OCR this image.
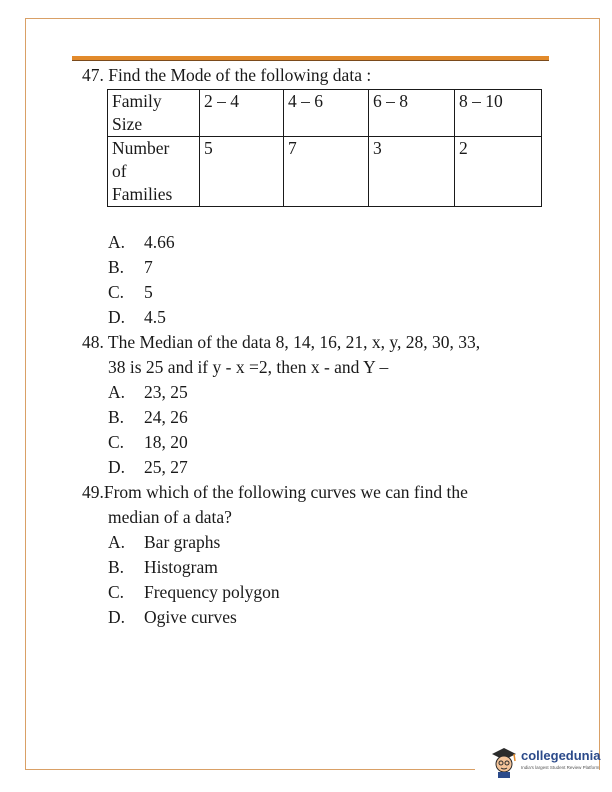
47. Find the Mode of the following data :
Family
Size	2 – 4	4 – 6	6 – 8	8 – 10
Number
of
Families	5	7	3	2
A. 4.66
B. 7
C. 5
D. 4.5
48. The Median of the data 8, 14, 16, 21, x, y, 28, 30, 33,
38 is 25 and if y - x =2, then x - and Y –
A. 23, 25
B. 24, 26
C. 18, 20
D. 25, 27
49.From which of the following curves we can find the
median of a data?
A. Bar graphs
B. Histogram
C. Frequency polygon
D. Ogive curves
collegedunia
India's largest Student Review Platform
